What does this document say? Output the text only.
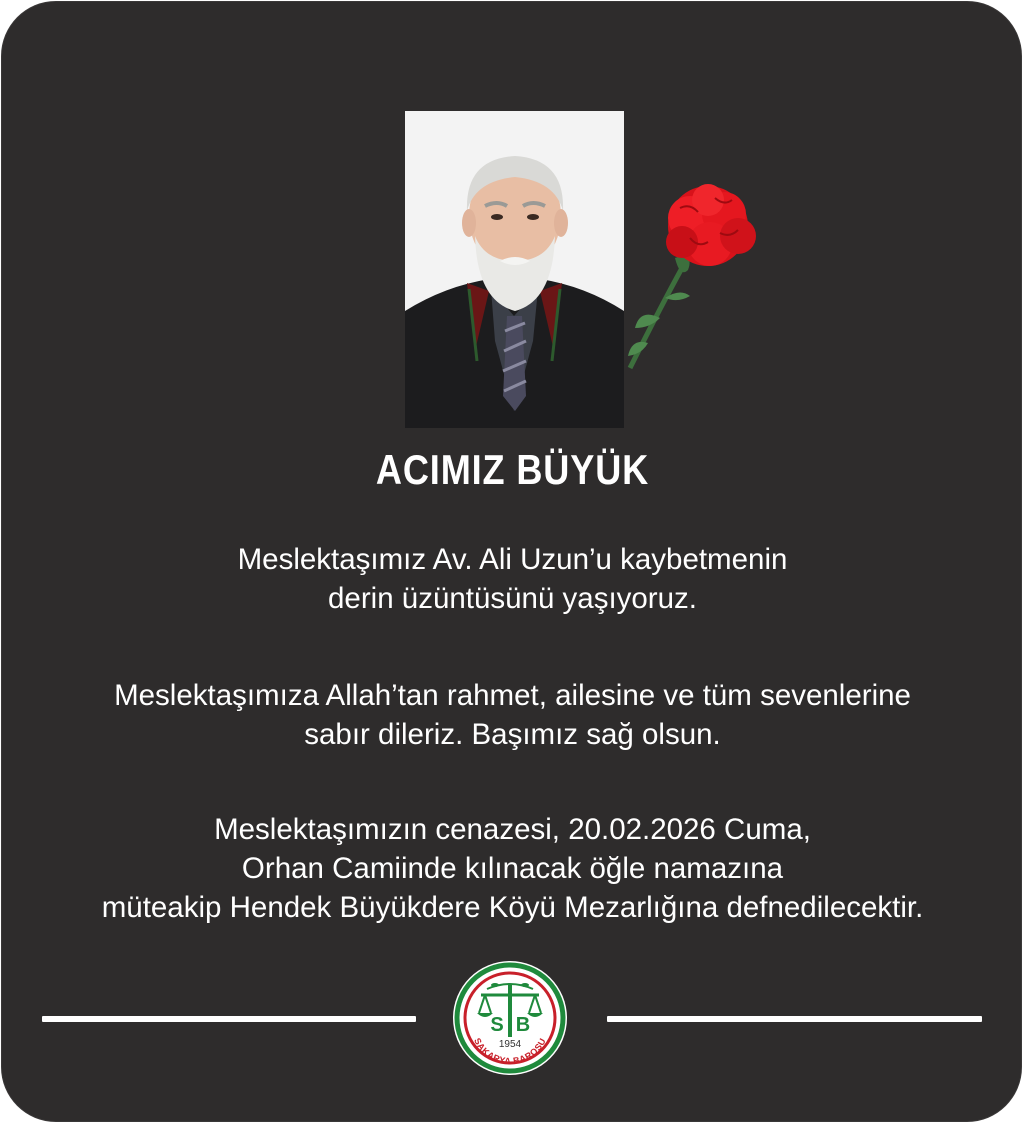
ACIMIZ BÜYÜK
Meslektaşımız Av. Ali Uzun’u kaybetmenin
derin üzüntüsünü yaşıyoruz.
Meslektaşımıza Allah’tan rahmet, ailesine ve tüm sevenlerine
sabır dileriz. Başımız sağ olsun.
Meslektaşımızın cenazesi, 20.02.2026 Cuma,
Orhan Camiinde kılınacak öğle namazına
müteakip Hendek Büyükdere Köyü Mezarlığına defnedilecektir.
S B
1954
SAKARYA BAROSU
